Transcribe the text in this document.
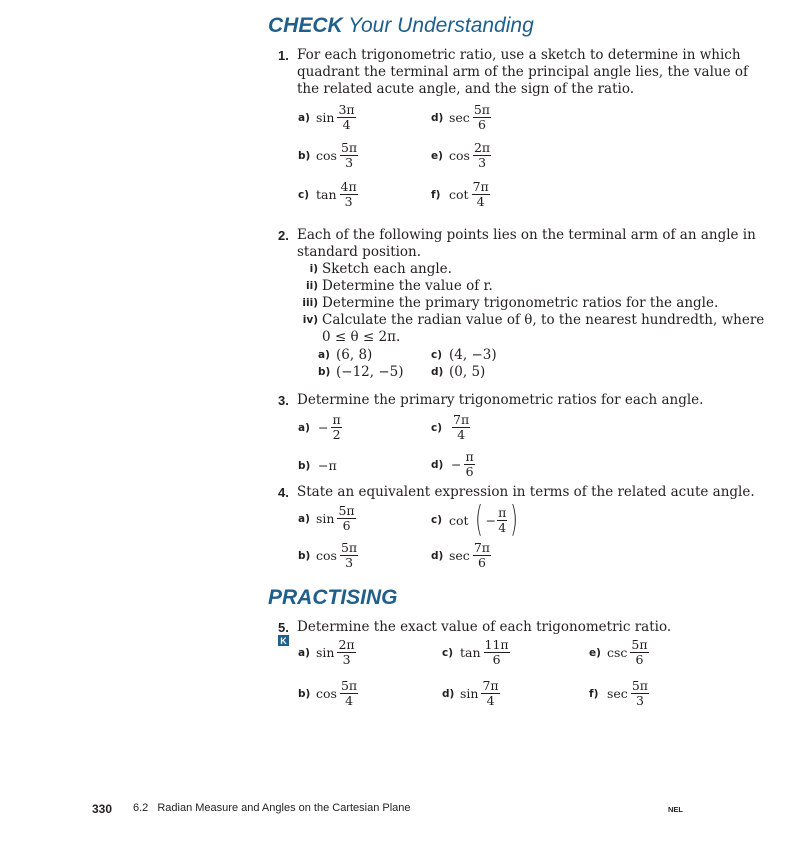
CHECK Your Understanding
1. For each trigonometric ratio, use a sketch to determine in which
quadrant the terminal arm of the principal angle lies, the value of
the related acute angle, and the sign of the ratio.
a) $\sin \frac{3\pi}{4}$
b) $\cos \frac{5\pi}{3}$
c) $\tan \frac{4\pi}{3}$
d) $\sec \frac{5\pi}{6}$
e) $\cos \frac{2\pi}{3}$
f) $\cot \frac{7\pi}{4}$
2. Each of the following points lies on the terminal arm of an angle in
standard position.
i) Sketch each angle.
ii) Determine the value of r.
iii) Determine the primary trigonometric ratios for the angle.
iv) Calculate the radian value of θ, to the nearest hundredth, where
0 ≤ θ ≤ 2π.
a) (6, 8)
b) (−12, −5)
c) (4, −3)
d) (0, 5)
3. Determine the primary trigonometric ratios for each angle.
$a) - \frac{\pi}{2}$
b) −π
$c) \frac{7\pi}{4}$
$d) - \frac{\pi}{6}$
4. State an equivalent expression in terms of the related acute angle.
a) $\sin \frac{5\pi}{6}$
b) $\cos \frac{5\pi}{3}$
c) cot ( − $\frac{\pi}{4}$ )
d) $\sec \frac{7\pi}{6}$
PRACTISING
5.
K
Determine the exact value of each trigonometric ratio.
a) $\sin \frac{2\pi}{3}$
b) $\cos \frac{5\pi}{4}$
c) $\tan \frac{11\pi}{6}$
d) $\sin \frac{7\pi}{4}$
e) $\csc \frac{5\pi}{6}$
f) $\sec \frac{5\pi}{3}$
330 6.2 Radian Measure and Angles on the Cartesian Plane	NEL
